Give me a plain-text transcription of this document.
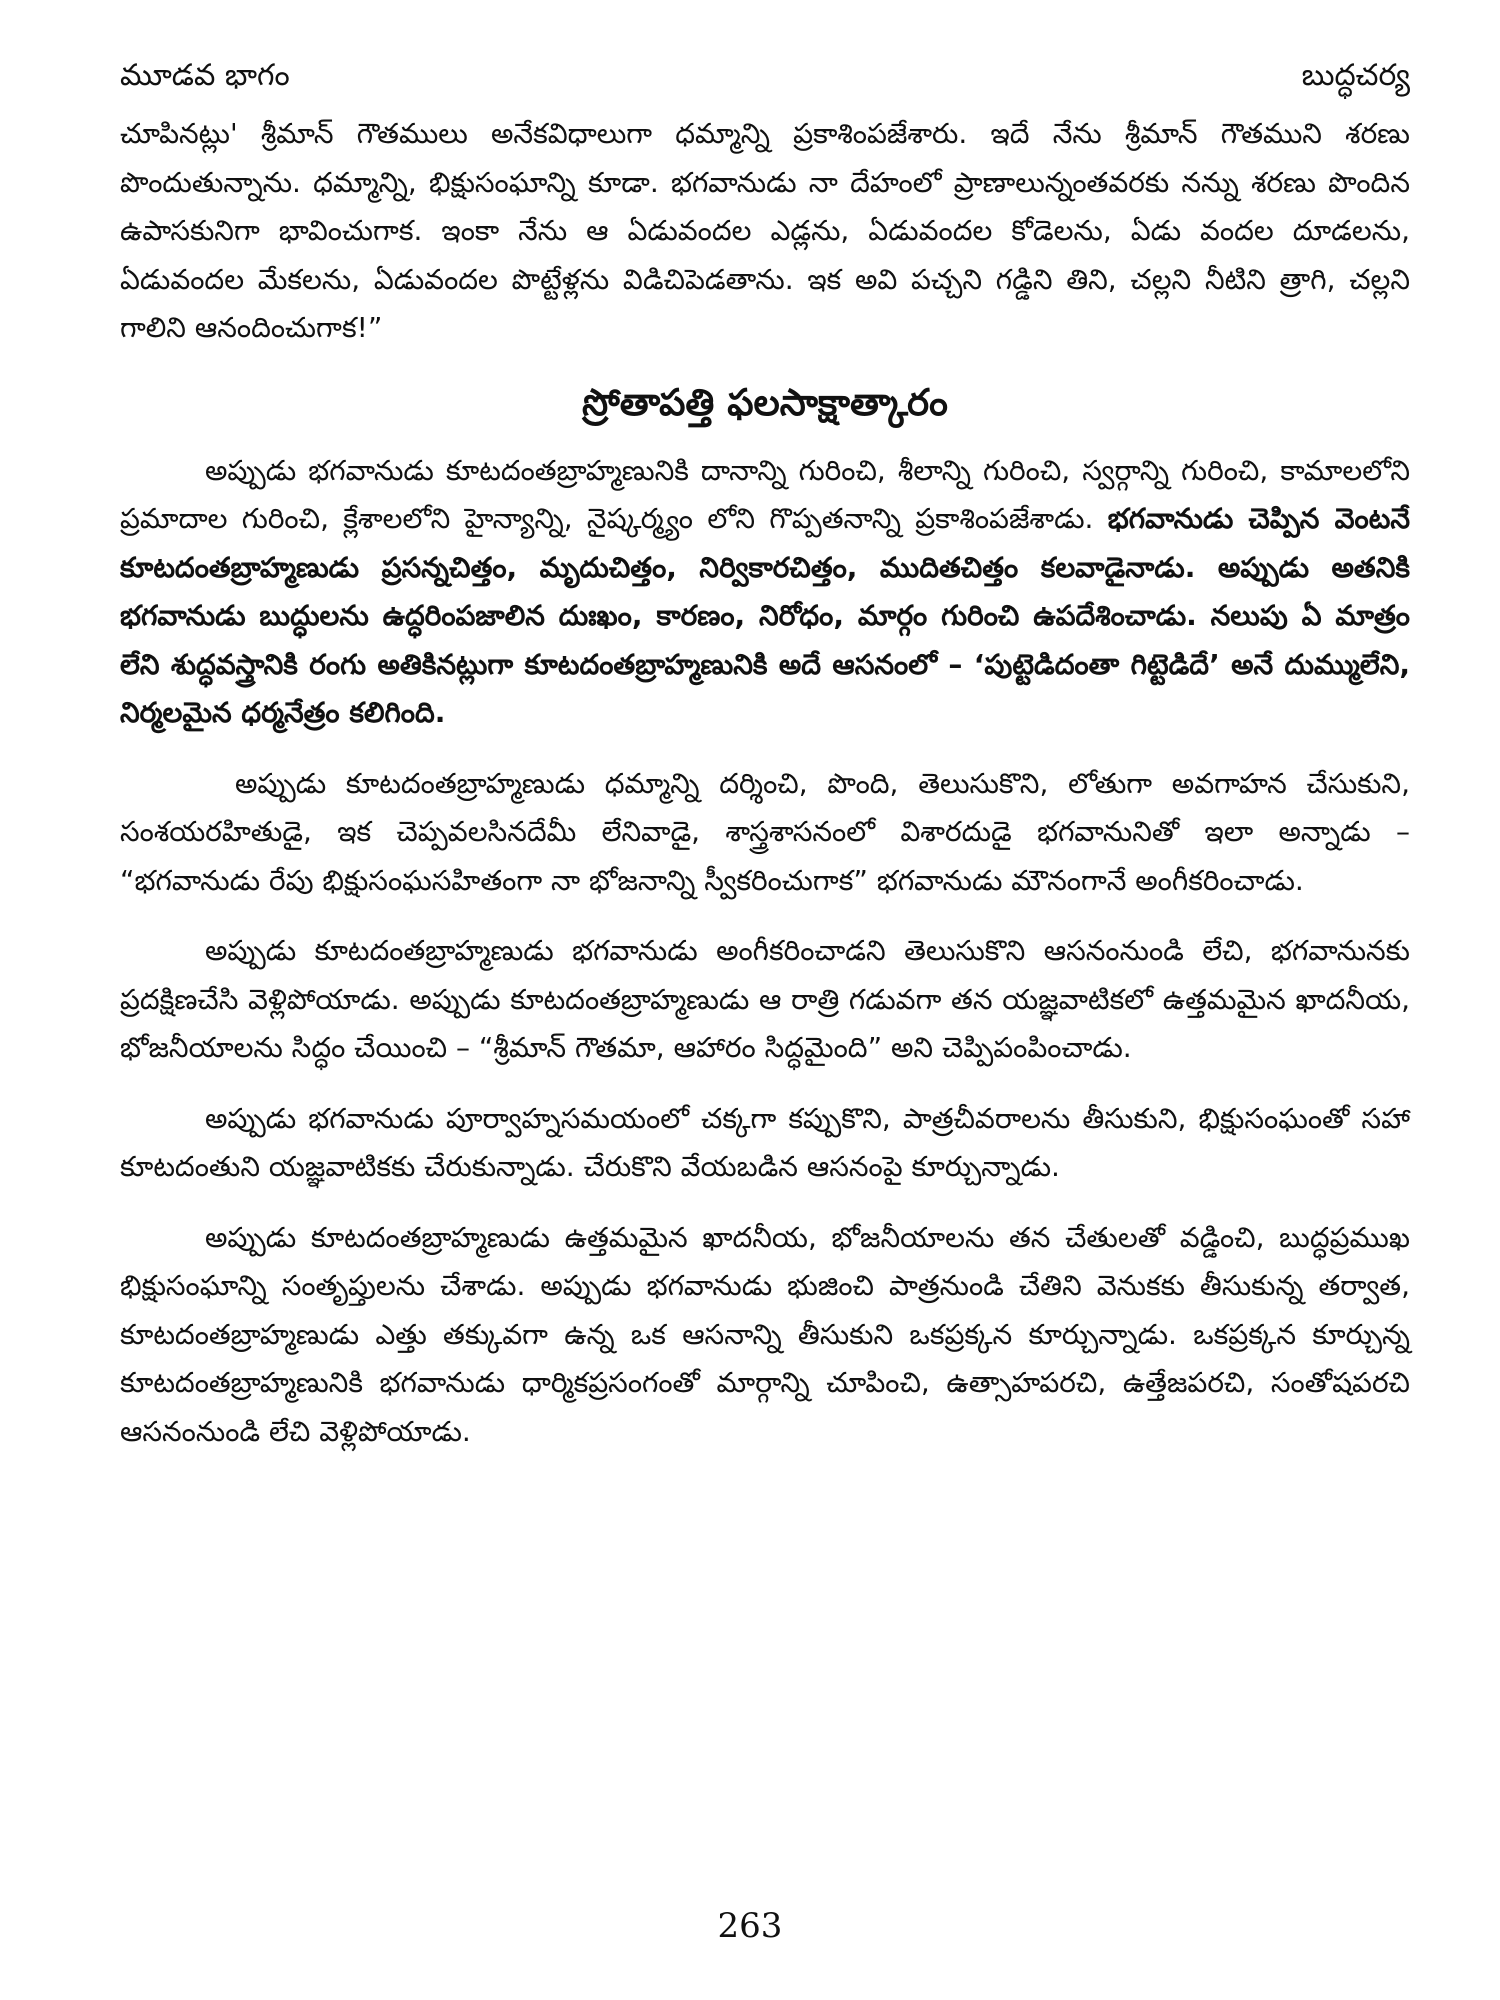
మూడవ భాగం	బుద్ధచర్య

చూపినట్లు' శ్రీమాన్ గౌతములు అనేకవిధాలుగా ధమ్మాన్ని ప్రకాశింపజేశారు. ఇదే నేను శ్రీమాన్ గౌతముని శరణు పొందుతున్నాను. ధమ్మాన్ని, భిక్షుసంఘాన్ని కూడా. భగవానుడు నా దేహంలో ప్రాణాలున్నంతవరకు నన్ను శరణు పొందిన ఉపాసకునిగా భావించుగాక. ఇంకా నేను ఆ ఏడువందల ఎడ్లను, ఏడువందల కోడెలను, ఏడు వందల దూడలను, ఏడువందల మేకలను, ఏడువందల పొట్టేళ్లను విడిచిపెడతాను. ఇక అవి పచ్చని గడ్డిని తిని, చల్లని నీటిని త్రాగి, చల్లని గాలిని ఆనందించుగాక!”

స్రోతాపత్తి ఫలసాక్షాత్కారం

అప్పుడు భగవానుడు కూటదంతబ్రాహ్మణునికి దానాన్ని గురించి, శీలాన్ని గురించి, స్వర్గాన్ని గురించి, కామాలలోని ప్రమాదాల గురించి, క్లేశాలలోని హైన్యాన్ని, నైష్కర్మ్యం లోని గొప్పతనాన్ని ప్రకాశింపజేశాడు. భగవానుడు చెప్పిన వెంటనే కూటదంతబ్రాహ్మణుడు ప్రసన్నచిత్తం, మృదుచిత్తం, నిర్వికారచిత్తం, ముదితచిత్తం కలవాడైనాడు. అప్పుడు అతనికి భగవానుడు బుద్ధులను ఉద్ధరింపజాలిన దుఃఖం, కారణం, నిరోధం, మార్గం గురించి ఉపదేశించాడు. నలుపు ఏ మాత్రం లేని శుద్ధవస్త్రానికి రంగు అతికినట్లుగా కూటదంతబ్రాహ్మణునికి అదే ఆసనంలో – ‘పుట్టెడిదంతా గిట్టెడిదే’ అనే దుమ్ములేని, నిర్మలమైన ధర్మనేత్రం కలిగింది.

అప్పుడు కూటదంతబ్రాహ్మణుడు ధమ్మాన్ని దర్శించి, పొంది, తెలుసుకొని, లోతుగా అవగాహన చేసుకుని, సంశయరహితుడై, ఇక చెప్పవలసినదేమీ లేనివాడై, శాస్త్రశాసనంలో విశారదుడై భగవానునితో ఇలా అన్నాడు – “భగవానుడు రేపు భిక్షుసంఘసహితంగా నా భోజనాన్ని స్వీకరించుగాక” భగవానుడు మౌనంగానే అంగీకరించాడు.

అప్పుడు కూటదంతబ్రాహ్మణుడు భగవానుడు అంగీకరించాడని తెలుసుకొని ఆసనంనుండి లేచి, భగవానునకు ప్రదక్షిణచేసి వెళ్లిపోయాడు. అప్పుడు కూటదంతబ్రాహ్మణుడు ఆ రాత్రి గడువగా తన యజ్ఞవాటికలో ఉత్తమమైన ఖాదనీయ, భోజనీయాలను సిద్ధం చేయించి – “శ్రీమాన్ గౌతమా, ఆహారం సిద్ధమైంది” అని చెప్పిపంపించాడు.

అప్పుడు భగవానుడు పూర్వాహ్నసమయంలో చక్కగా కప్పుకొని, పాత్రచీవరాలను తీసుకుని, భిక్షుసంఘంతో సహా కూటదంతుని యజ్ఞవాటికకు చేరుకున్నాడు. చేరుకొని వేయబడిన ఆసనంపై కూర్చున్నాడు.

అప్పుడు కూటదంతబ్రాహ్మణుడు ఉత్తమమైన ఖాదనీయ, భోజనీయాలను తన చేతులతో వడ్డించి, బుద్ధప్రముఖ భిక్షుసంఘాన్ని సంతృప్తులను చేశాడు. అప్పుడు భగవానుడు భుజించి పాత్రనుండి చేతిని వెనుకకు తీసుకున్న తర్వాత, కూటదంతబ్రాహ్మణుడు ఎత్తు తక్కువగా ఉన్న ఒక ఆసనాన్ని తీసుకుని ఒకప్రక్కన కూర్చున్నాడు. ఒకప్రక్కన కూర్చున్న కూటదంతబ్రాహ్మణునికి భగవానుడు ధార్మికప్రసంగంతో మార్గాన్ని చూపించి, ఉత్సాహపరచి, ఉత్తేజపరచి, సంతోషపరచి ఆసనంనుండి లేచి వెళ్లిపోయాడు.

263
